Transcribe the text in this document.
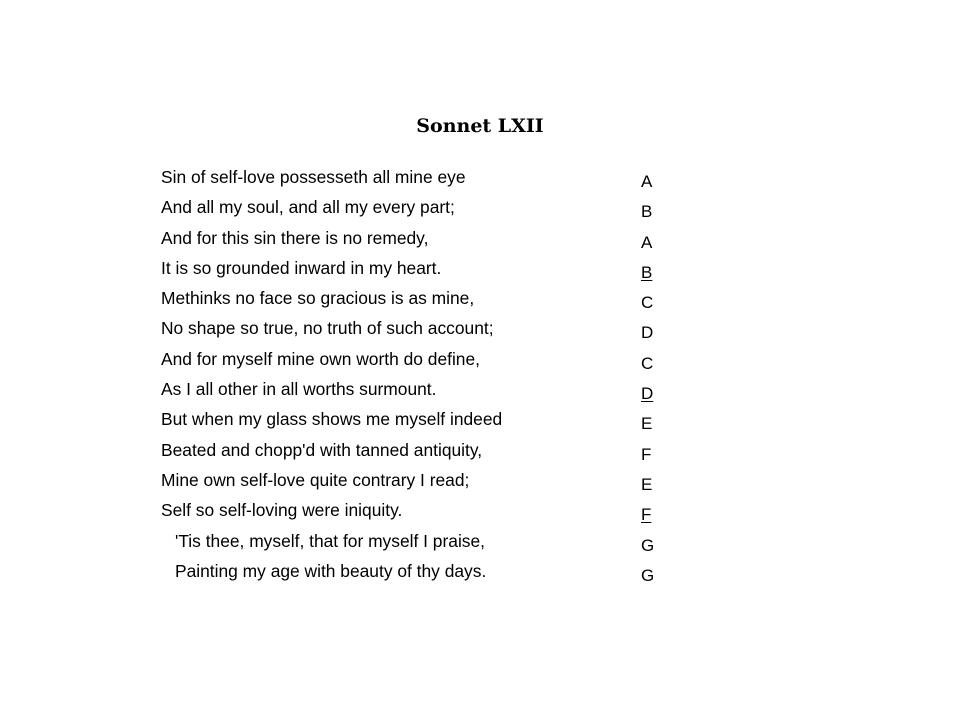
Sonnet LXII
Sin of self-love possesseth all mine eye	A
And all my soul, and all my every part;	B
And for this sin there is no remedy,	A
It is so grounded inward in my heart.	B
Methinks no face so gracious is as mine,	C
No shape so true, no truth of such account;	D
And for myself mine own worth do define,	C
As I all other in all worths surmount.	D
But when my glass shows me myself indeed	E
Beated and chopp'd with tanned antiquity,	F
Mine own self-love quite contrary I read;	E
Self so self-loving were iniquity.	F
'Tis thee, myself, that for myself I praise,	G
Painting my age with beauty of thy days.	G
